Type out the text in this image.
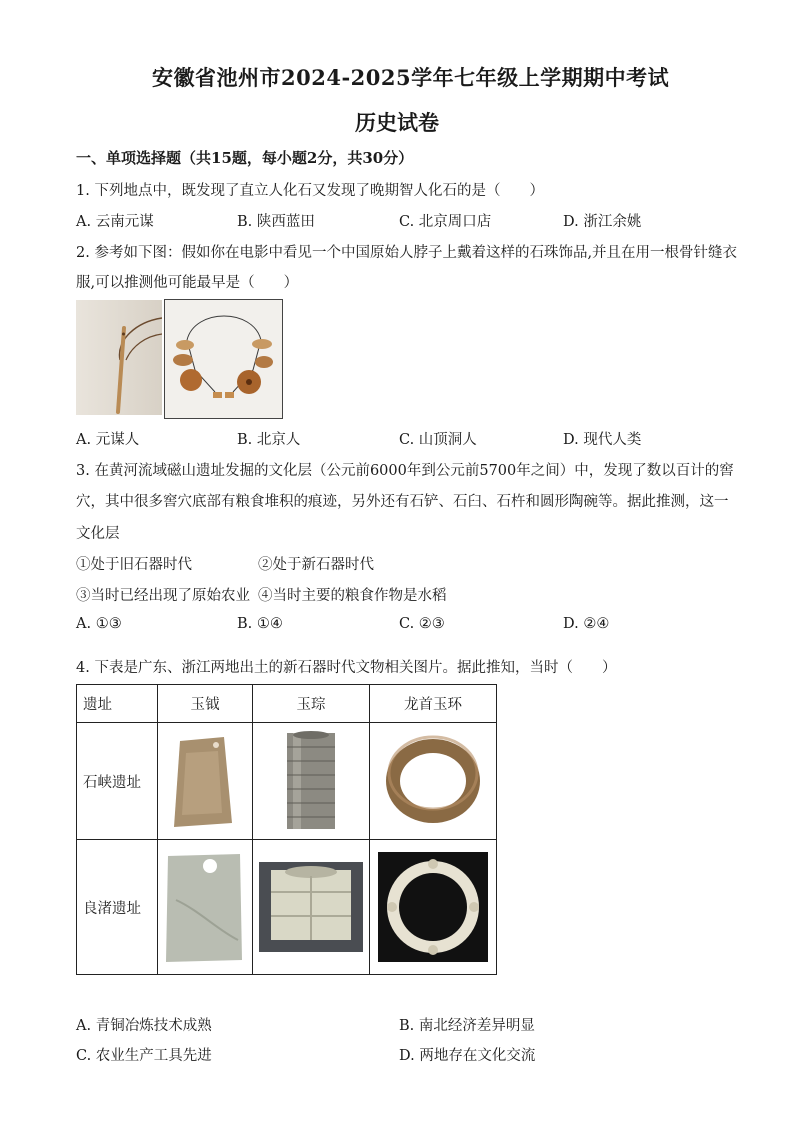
安徽省池州市2024-2025学年七年级上学期期中考试
历史试卷
一、单项选择题（共15题，每小题2分，共30分）
1. 下列地点中，既发现了直立人化石又发现了晚期智人化石的是（　　）
A. 云南元谋	B. 陕西蓝田	C. 北京周口店	D. 浙江余姚
2. 参考如下图：假如你在电影中看见一个中国原始人脖子上戴着这样的石珠饰品,并且在用一根骨针缝衣
服,可以推测他可能最早是（　　）
A. 元谋人	B. 北京人	C. 山顶洞人	D. 现代人类
3. 在黄河流域磁山遗址发掘的文化层（公元前6000年到公元前5700年之间）中，发现了数以百计的窖
穴，其中很多窖穴底部有粮食堆积的痕迹，另外还有石铲、石臼、石杵和圆形陶碗等。据此推测，这一
文化层
①处于旧石器时代	②处于新石器时代
③当时已经出现了原始农业 ④当时主要的粮食作物是水稻
A. ①③	B. ①④	C. ②③	D. ②④
4. 下表是广东、浙江两地出土的新石器时代文物相关图片。据此推知，当时（　　）
遗址	玉钺	玉琮	龙首玉环
石峡遗址	

良渚遗址	

A. 青铜冶炼技术成熟	B. 南北经济差异明显
C. 农业生产工具先进	D. 两地存在文化交流
